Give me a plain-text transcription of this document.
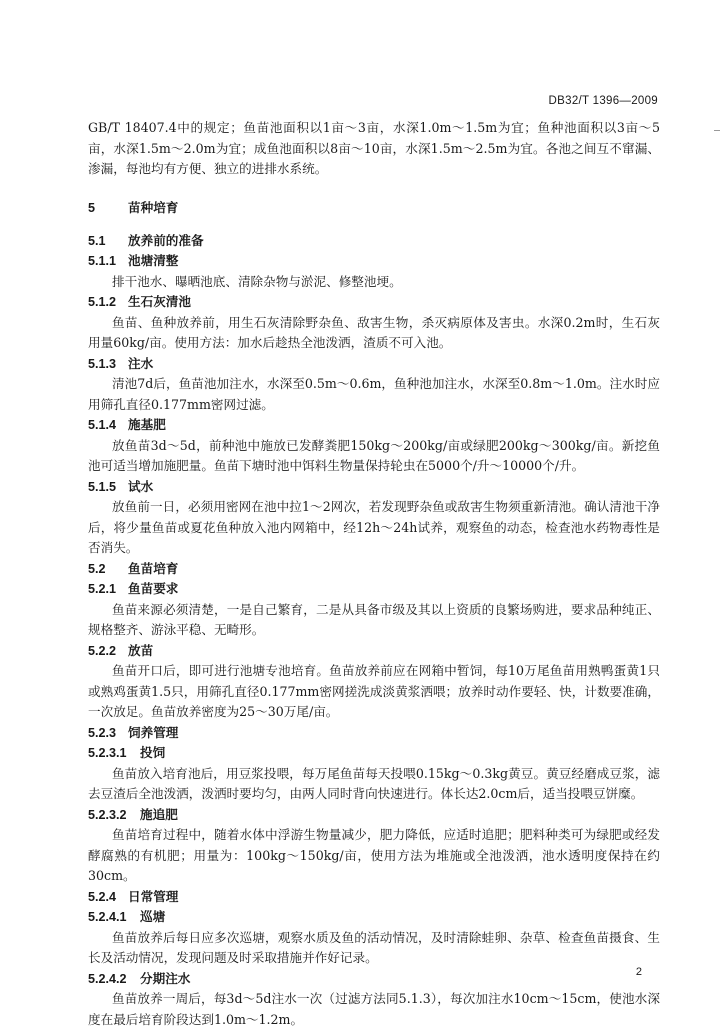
DB32/T 1396—2009

GB/T 18407.4中的规定；鱼苗池面积以1亩～3亩，水深1.0m～1.5m为宜；鱼种池面积以3亩～5亩，水深1.5m～2.0m为宜；成鱼池面积以8亩～10亩，水深1.5m～2.5m为宜。各池之间互不窜漏、渗漏，每池均有方便、独立的进排水系统。

5	苗种培育
5.1 放养前的准备
5.1.1 池塘清整

排干池水、曝晒池底、清除杂物与淤泥、修整池埂。

5.1.2 生石灰清池

鱼苗、鱼种放养前，用生石灰清除野杂鱼、敌害生物，杀灭病原体及害虫。水深0.2m时，生石灰用量60kg/亩。使用方法：加水后趁热全池泼洒，渣质不可入池。

5.1.3 注水

清池7d后，鱼苗池加注水，水深至0.5m～0.6m，鱼种池加注水，水深至0.8m～1.0m。注水时应用筛孔直径0.177mm密网过滤。

5.1.4 施基肥

放鱼苗3d～5d，前种池中施放已发酵粪肥150kg～200kg/亩或绿肥200kg～300kg/亩。新挖鱼池可适当增加施肥量。鱼苗下塘时池中饵料生物量保持轮虫在5000个/升～10000个/升。

5.1.5 试水

放鱼前一日，必须用密网在池中拉1～2网次，若发现野杂鱼或敌害生物须重新清池。确认清池干净后，将少量鱼苗或夏花鱼种放入池内网箱中，经12h～24h试养，观察鱼的动态，检查池水药物毒性是否消失。

5.2 鱼苗培育
5.2.1 鱼苗要求

鱼苗来源必须清楚，一是自己繁育，二是从具备市级及其以上资质的良繁场购进，要求品种纯正、规格整齐、游泳平稳、无畸形。

5.2.2 放苗

鱼苗开口后，即可进行池塘专池培育。鱼苗放养前应在网箱中暂饲，每10万尾鱼苗用熟鸭蛋黄1只或熟鸡蛋黄1.5只，用筛孔直径0.177mm密网搓洗成淡黄浆洒喂；放养时动作要轻、快，计数要准确，一次放足。鱼苗放养密度为25～30万尾/亩。

5.2.3 饲养管理
5.2.3.1 投饲

鱼苗放入培育池后，用豆浆投喂，每万尾鱼苗每天投喂0.15kg～0.3kg黄豆。黄豆经磨成豆浆，滤去豆渣后全池泼洒，泼洒时要均匀，由两人同时背向快速进行。体长达2.0cm后，适当投喂豆饼糜。

5.2.3.2 施追肥

鱼苗培育过程中，随着水体中浮游生物量减少，肥力降低，应适时追肥；肥料种类可为绿肥或经发酵腐熟的有机肥；用量为：100kg～150kg/亩，使用方法为堆施或全池泼洒，池水透明度保持在约30cm。

5.2.4 日常管理
5.2.4.1 巡塘

鱼苗放养后每日应多次巡塘，观察水质及鱼的活动情况，及时清除蛙卵、杂草、检查鱼苗摄食、生长及活动情况，发现问题及时采取措施并作好记录。

5.2.4.2 分期注水

鱼苗放养一周后，每3d～5d注水一次（过滤方法同5.1.3），每次加注水10cm～15cm，使池水深度在最后培育阶段达到1.0m～1.2m。

2
